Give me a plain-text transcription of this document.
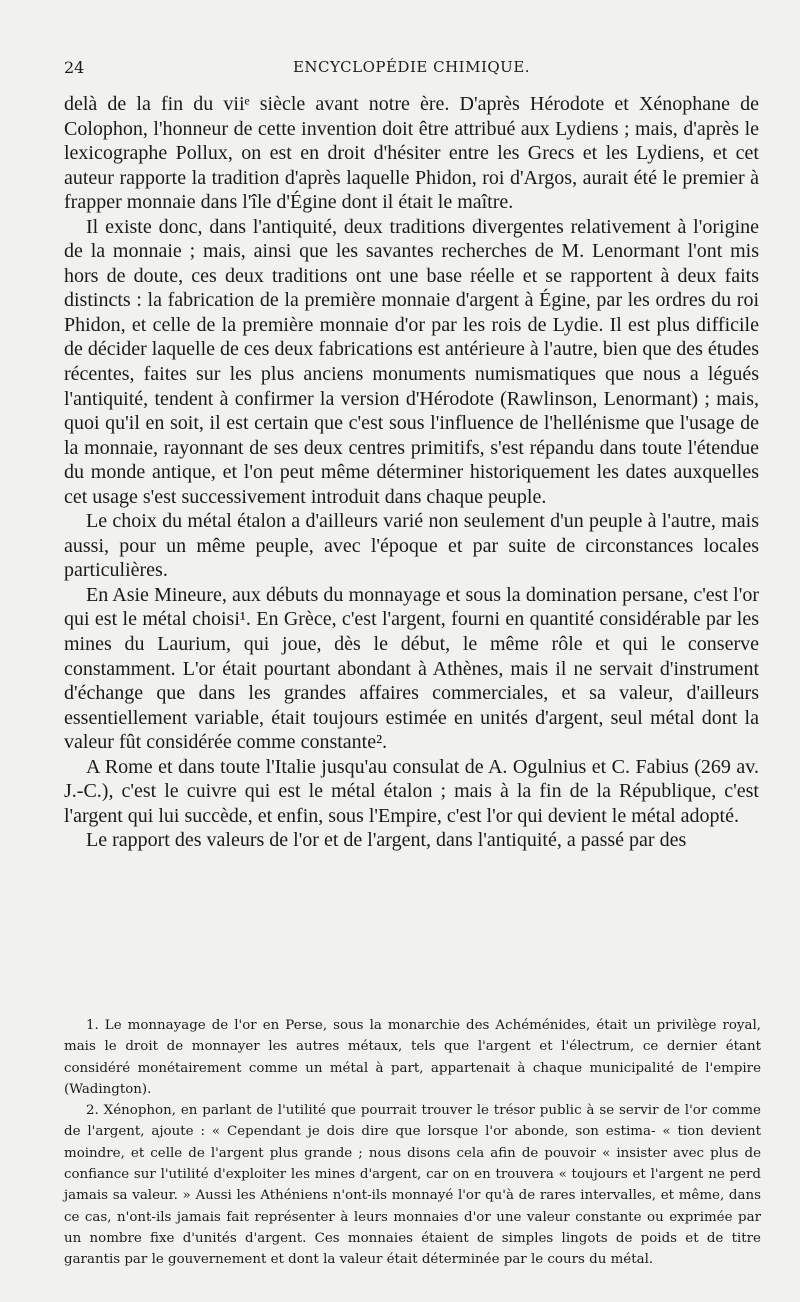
24	ENCYCLOPÉDIE CHIMIQUE.

delà de la fin du viiᵉ siècle avant notre ère. D'après Hérodote et Xénophane de Colophon, l'honneur de cette invention doit être attribué aux Lydiens ; mais, d'après le lexicographe Pollux, on est en droit d'hésiter entre les Grecs et les Lydiens, et cet auteur rapporte la tradition d'après laquelle Phidon, roi d'Argos, aurait été le premier à frapper monnaie dans l'île d'Égine dont il était le maître.

Il existe donc, dans l'antiquité, deux traditions divergentes relativement à l'origine de la monnaie ; mais, ainsi que les savantes recherches de M. Lenormant l'ont mis hors de doute, ces deux traditions ont une base réelle et se rapportent à deux faits distincts : la fabrication de la première monnaie d'argent à Égine, par les ordres du roi Phidon, et celle de la première monnaie d'or par les rois de Lydie. Il est plus difficile de décider laquelle de ces deux fabrications est antérieure à l'autre, bien que des études récentes, faites sur les plus anciens monuments numismatiques que nous a légués l'antiquité, tendent à confirmer la version d'Hérodote (Rawlinson, Lenormant) ; mais, quoi qu'il en soit, il est certain que c'est sous l'influence de l'hellénisme que l'usage de la monnaie, rayonnant de ses deux centres primitifs, s'est répandu dans toute l'étendue du monde antique, et l'on peut même déterminer historiquement les dates auxquelles cet usage s'est successivement introduit dans chaque peuple.

Le choix du métal étalon a d'ailleurs varié non seulement d'un peuple à l'autre, mais aussi, pour un même peuple, avec l'époque et par suite de circonstances locales particulières.

En Asie Mineure, aux débuts du monnayage et sous la domination persane, c'est l'or qui est le métal choisi¹. En Grèce, c'est l'argent, fourni en quantité considérable par les mines du Laurium, qui joue, dès le début, le même rôle et qui le conserve constamment. L'or était pourtant abondant à Athènes, mais il ne servait d'instrument d'échange que dans les grandes affaires commerciales, et sa valeur, d'ailleurs essentiellement variable, était toujours estimée en unités d'argent, seul métal dont la valeur fût considérée comme constante².

A Rome et dans toute l'Italie jusqu'au consulat de A. Ogulnius et C. Fabius (269 av. J.-C.), c'est le cuivre qui est le métal étalon ; mais à la fin de la République, c'est l'argent qui lui succède, et enfin, sous l'Empire, c'est l'or qui devient le métal adopté.

Le rapport des valeurs de l'or et de l'argent, dans l'antiquité, a passé par des

1. Le monnayage de l'or en Perse, sous la monarchie des Achéménides, était un privilège royal, mais le droit de monnayer les autres métaux, tels que l'argent et l'électrum, ce dernier étant considéré monétairement comme un métal à part, appartenait à chaque municipalité de l'empire (Wadington).

2. Xénophon, en parlant de l'utilité que pourrait trouver le trésor public à se servir de l'or comme de l'argent, ajoute : « Cependant je dois dire que lorsque l'or abonde, son estima- « tion devient moindre, et celle de l'argent plus grande ; nous disons cela afin de pouvoir « insister avec plus de confiance sur l'utilité d'exploiter les mines d'argent, car on en trouvera « toujours et l'argent ne perd jamais sa valeur. » Aussi les Athéniens n'ont-ils monnayé l'or qu'à de rares intervalles, et même, dans ce cas, n'ont-ils jamais fait représenter à leurs monnaies d'or une valeur constante ou exprimée par un nombre fixe d'unités d'argent. Ces monnaies étaient de simples lingots de poids et de titre garantis par le gouvernement et dont la valeur était déterminée par le cours du métal.
